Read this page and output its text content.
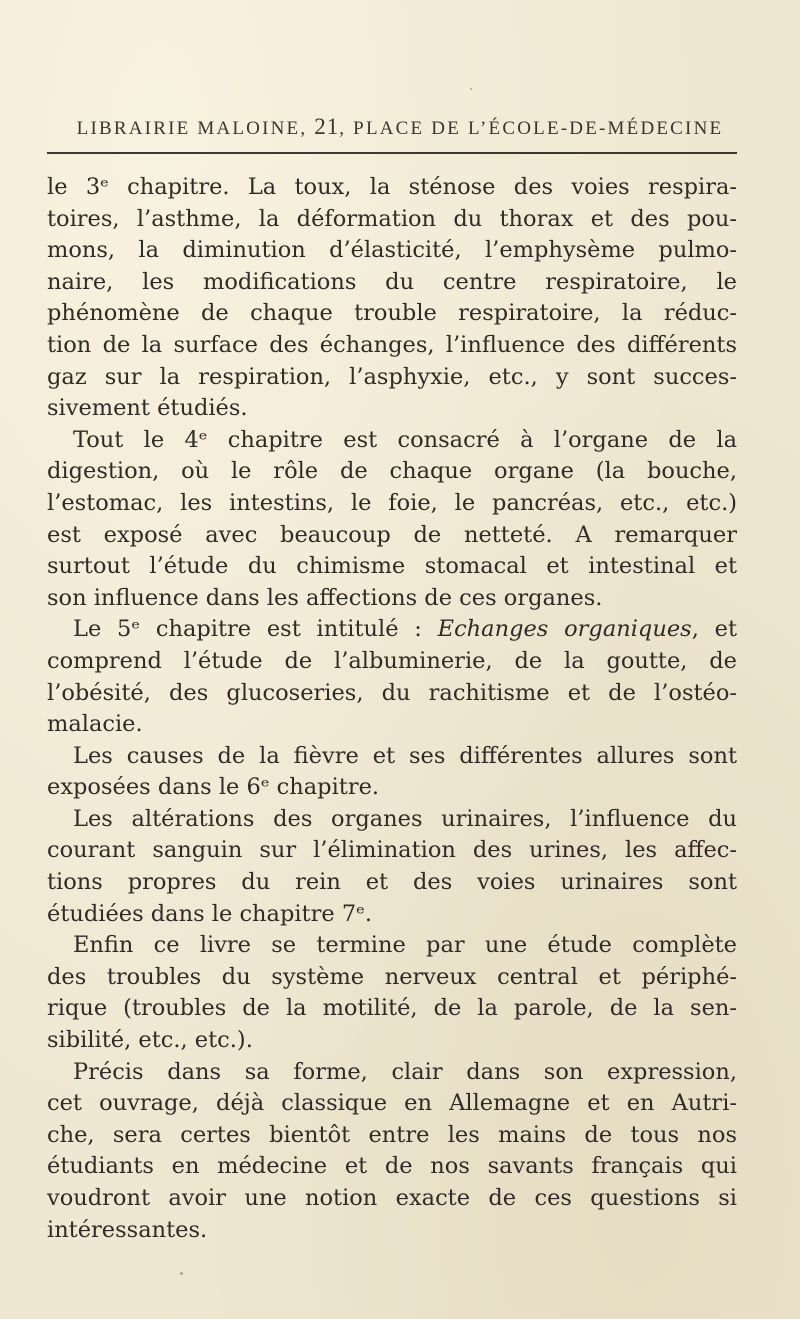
LIBRAIRIE MALOINE, 21, PLACE DE L’ÉCOLE-DE-MÉDECINE
le 3ᵉ chapitre. La toux, la sténose des voies respira-
toires, l’asthme, la déformation du thorax et des pou-
mons, la diminution d’élasticité, l’emphysème pulmo-
naire, les modifications du centre respiratoire, le
phénomène de chaque trouble respiratoire, la réduc-
tion de la surface des échanges, l’influence des différents
gaz sur la respiration, l’asphyxie, etc., y sont succes-
sivement étudiés.
Tout le 4ᵉ chapitre est consacré à l’organe de la
digestion, où le rôle de chaque organe (la bouche,
l’estomac, les intestins, le foie, le pancréas, etc., etc.)
est exposé avec beaucoup de netteté. A remarquer
surtout l’étude du chimisme stomacal et intestinal et
son influence dans les affections de ces organes.
Le 5ᵉ chapitre est intitulé : Echanges organiques, et
comprend l’étude de l’albuminerie, de la goutte, de
l’obésité, des glucoseries, du rachitisme et de l’ostéo-
malacie.
Les causes de la fièvre et ses différentes allures sont
exposées dans le 6ᵉ chapitre.
Les altérations des organes urinaires, l’influence du
courant sanguin sur l’élimination des urines, les affec-
tions propres du rein et des voies urinaires sont
étudiées dans le chapitre 7ᵉ.
Enfin ce livre se termine par une étude complète
des troubles du système nerveux central et périphé-
rique (troubles de la motilité, de la parole, de la sen-
sibilité, etc., etc.).
Précis dans sa forme, clair dans son expression,
cet ouvrage, déjà classique en Allemagne et en Autri-
che, sera certes bientôt entre les mains de tous nos
étudiants en médecine et de nos savants français qui
voudront avoir une notion exacte de ces questions si
intéressantes.
